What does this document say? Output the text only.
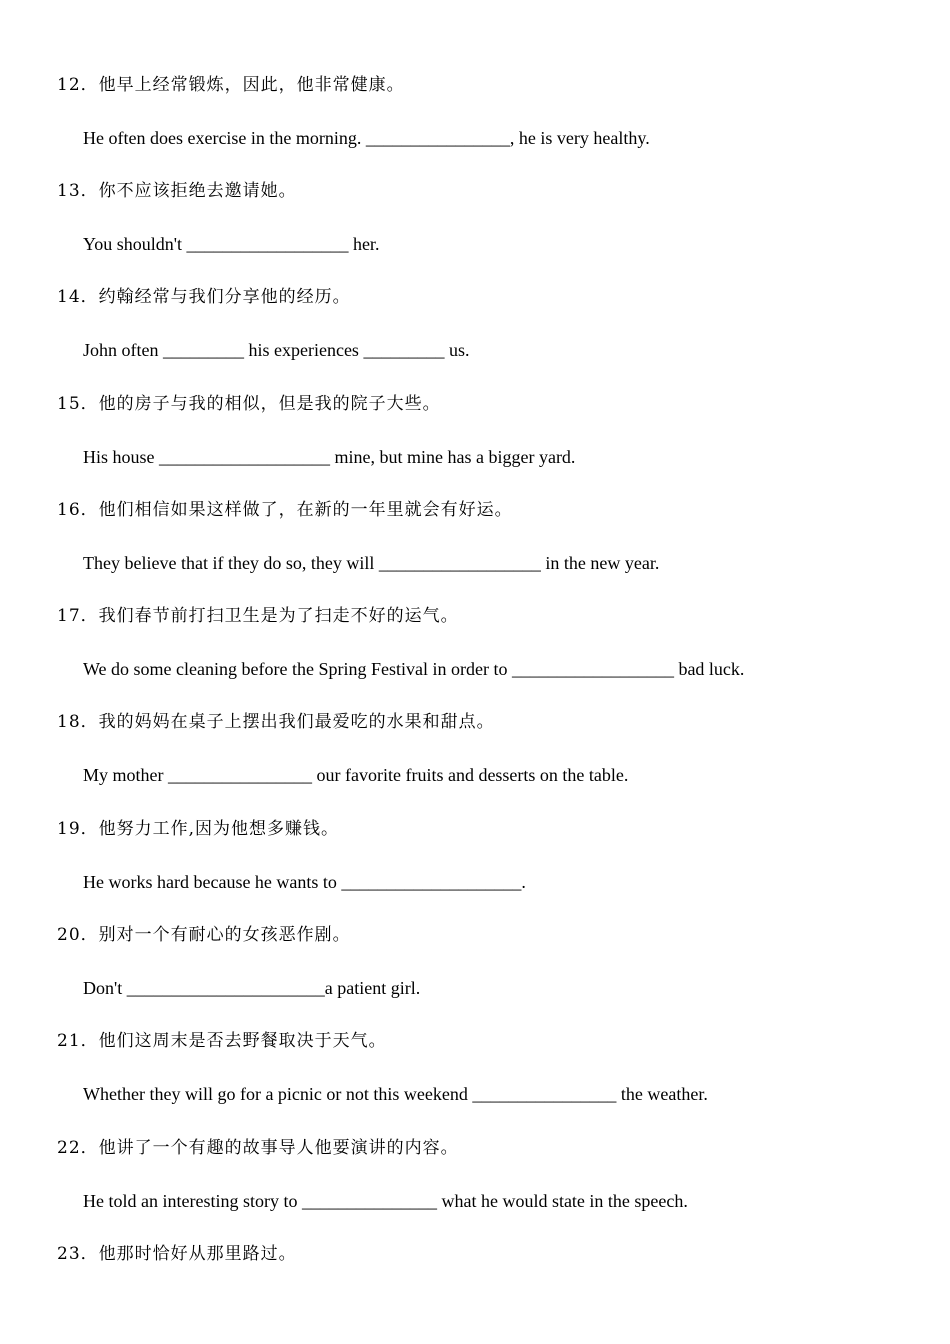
12．他早上经常锻炼，因此，他非常健康。
He often does exercise in the morning. ________________, he is very healthy.
13．你不应该拒绝去邀请她。
You shouldn't __________________ her.
14．约翰经常与我们分享他的经历。
John often _________ his experiences _________ us.
15．他的房子与我的相似，但是我的院子大些。
His house ___________________ mine, but mine has a bigger yard.
16．他们相信如果这样做了，在新的一年里就会有好运。
They believe that if they do so, they will __________________ in the new year.
17．我们春节前打扫卫生是为了扫走不好的运气。
We do some cleaning before the Spring Festival in order to __________________ bad luck.
18．我的妈妈在桌子上摆出我们最爱吃的水果和甜点。
My mother ________________ our favorite fruits and desserts on the table.
19．他努力工作,因为他想多赚钱。
He works hard because he wants to ____________________.
20．别对一个有耐心的女孩恶作剧。
Don't ______________________a patient girl.
21．他们这周末是否去野餐取决于天气。
Whether they will go for a picnic or not this weekend ________________ the weather.
22．他讲了一个有趣的故事导人他要演讲的内容。
He told an interesting story to _______________ what he would state in the speech.
23．他那时恰好从那里路过。
